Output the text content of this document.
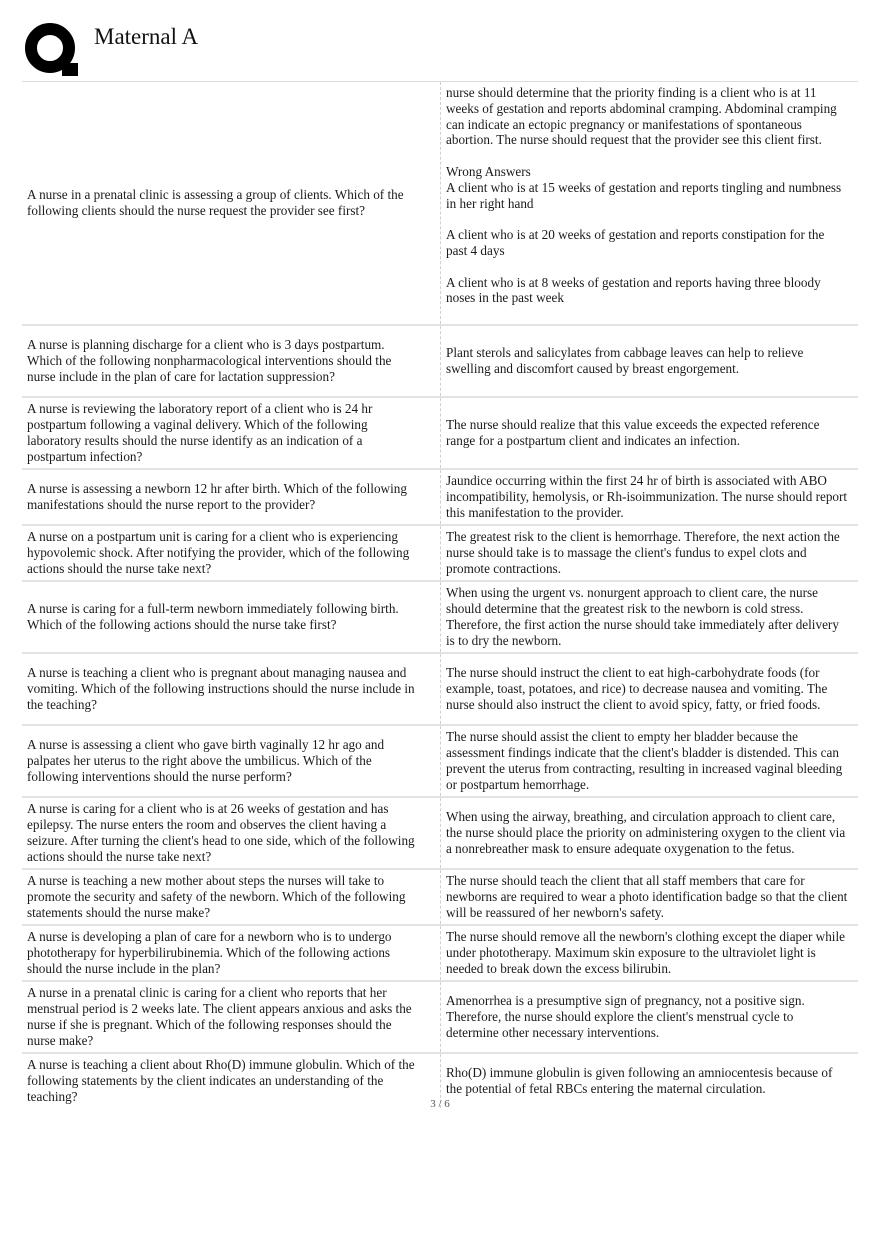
Maternal A
A nurse in a prenatal clinic is assessing a group of clients. Which of the following clients should the nurse request the provider see first?
nurse should determine that the priority finding is a client who is at 11 weeks of gestation and reports abdominal cramping. Abdominal cramping can indicate an ectopic pregnancy or manifestations of spontaneous abortion. The nurse should request that the provider see this client first.
Wrong Answers
A client who is at 15 weeks of gestation and reports tingling and numbness in her right hand
A client who is at 20 weeks of gestation and reports constipation for the past 4 days
A client who is at 8 weeks of gestation and reports having three bloody noses in the past week
A nurse is planning discharge for a client who is 3 days postpartum. Which of the following nonpharmacological interventions should the nurse include in the plan of care for lactation suppression?
Plant sterols and salicylates from cabbage leaves can help to relieve swelling and discomfort caused by breast engorgement.
A nurse is reviewing the laboratory report of a client who is 24 hr postpartum following a vaginal delivery. Which of the following laboratory results should the nurse identify as an indication of a postpartum infection?
The nurse should realize that this value exceeds the expected reference range for a postpartum client and indicates an infection.
A nurse is assessing a newborn 12 hr after birth. Which of the following manifestations should the nurse report to the provider?
Jaundice occurring within the first 24 hr of birth is associated with ABO incompatibility, hemolysis, or Rh-isoimmunization. The nurse should report this manifestation to the provider.
A nurse on a postpartum unit is caring for a client who is experiencing hypovolemic shock. After notifying the provider, which of the following actions should the nurse take next?
The greatest risk to the client is hemorrhage. Therefore, the next action the nurse should take is to massage the client's fundus to expel clots and promote contractions.
A nurse is caring for a full-term newborn immediately following birth. Which of the following actions should the nurse take first?
When using the urgent vs. nonurgent approach to client care, the nurse should determine that the greatest risk to the newborn is cold stress. Therefore, the first action the nurse should take immediately after delivery is to dry the newborn.
A nurse is teaching a client who is pregnant about managing nausea and vomiting. Which of the following instructions should the nurse include in the teaching?
The nurse should instruct the client to eat high-carbohydrate foods (for example, toast, potatoes, and rice) to decrease nausea and vomiting. The nurse should also instruct the client to avoid spicy, fatty, or fried foods.
A nurse is assessing a client who gave birth vaginally 12 hr ago and palpates her uterus to the right above the umbilicus. Which of the following interventions should the nurse perform?
The nurse should assist the client to empty her bladder because the assessment findings indicate that the client's bladder is distended. This can prevent the uterus from contracting, resulting in increased vaginal bleeding or postpartum hemorrhage.
A nurse is caring for a client who is at 26 weeks of gestation and has epilepsy. The nurse enters the room and observes the client having a seizure. After turning the client's head to one side, which of the following actions should the nurse take next?
When using the airway, breathing, and circulation approach to client care, the nurse should place the priority on administering oxygen to the client via a nonrebreather mask to ensure adequate oxygenation to the fetus.
A nurse is teaching a new mother about steps the nurses will take to promote the security and safety of the newborn. Which of the following statements should the nurse make?
The nurse should teach the client that all staff members that care for newborns are required to wear a photo identification badge so that the client will be reassured of her newborn's safety.
A nurse is developing a plan of care for a newborn who is to undergo phototherapy for hyperbilirubinemia. Which of the following actions should the nurse include in the plan?
The nurse should remove all the newborn's clothing except the diaper while under phototherapy. Maximum skin exposure to the ultraviolet light is needed to break down the excess bilirubin.
A nurse in a prenatal clinic is caring for a client who reports that her menstrual period is 2 weeks late. The client appears anxious and asks the nurse if she is pregnant. Which of the following responses should the nurse make?
Amenorrhea is a presumptive sign of pregnancy, not a positive sign. Therefore, the nurse should explore the client's menstrual cycle to determine other necessary interventions.
A nurse is teaching a client about Rho(D) immune globulin. Which of the following statements by the client indicates an understanding of the teaching?
Rho(D) immune globulin is given following an amniocentesis because of the potential of fetal RBCs entering the maternal circulation.
3 / 6
